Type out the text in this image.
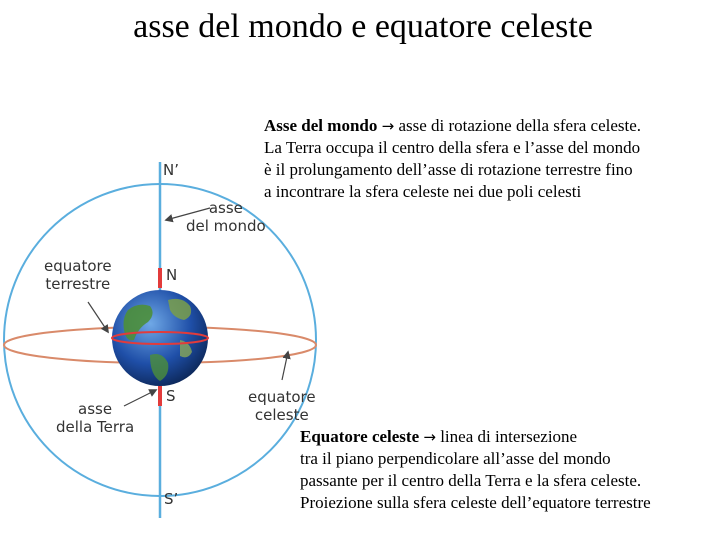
asse del mondo e equatore celeste
N’
N
S
S’
asse
del mondo
equatore
terrestre
equatore
celeste
asse
della Terra
Asse del mondo → asse di rotazione della sfera celeste.
La Terra occupa il centro della sfera e l’asse del mondo
è il prolungamento dell’asse di rotazione terrestre fino
a incontrare la sfera celeste nei due poli celesti
Equatore celeste → linea di intersezione
tra il piano perpendicolare all’asse del mondo
passante per il centro della Terra e la sfera celeste.
Proiezione sulla sfera celeste dell’equatore terrestre
